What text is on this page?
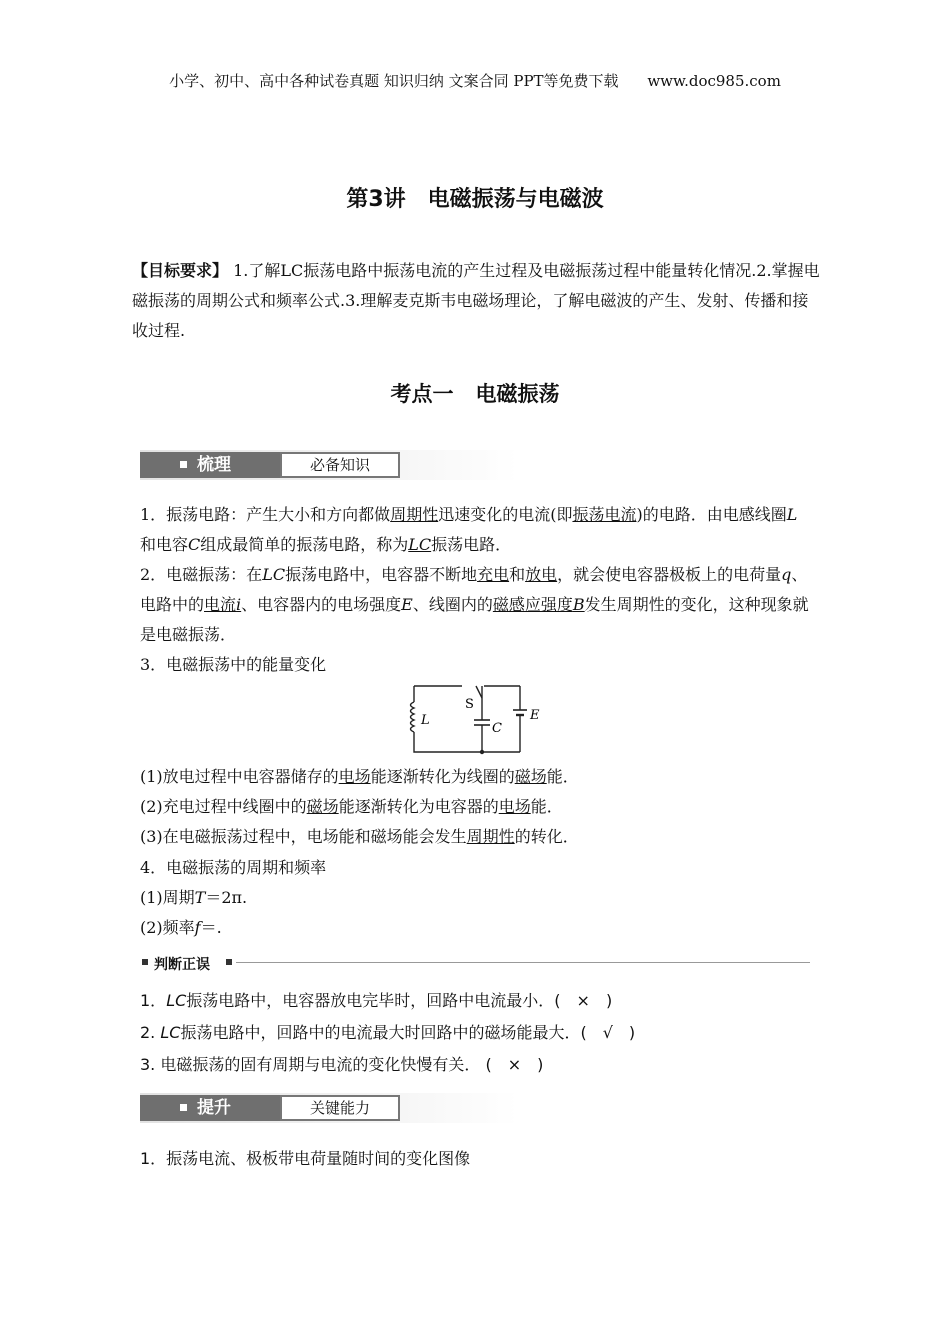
小学、初中、高中各种试卷真题 知识归纳 文案合同 PPT等免费下载 www.doc985.com
第3讲 电磁振荡与电磁波
【目标要求】 1.了解LC振荡电路中振荡电流的产生过程及电磁振荡过程中能量转化情况.2.掌握电磁振荡的周期公式和频率公式.3.理解麦克斯韦电磁场理论，了解电磁波的产生、发射、传播和接收过程.
考点一 电磁振荡
梳理	必备知识
1．振荡电路：产生大小和方向都做周期性迅速变化的电流(即振荡电流)的电路．由电感线圈L和电容C组成最简单的振荡电路，称为LC振荡电路．
2．电磁振荡：在LC振荡电路中，电容器不断地充电和放电，就会使电容器极板上的电荷量q、电路中的电流i、电容器内的电场强度E、线圈内的磁感应强度B发生周期性的变化，这种现象就是电磁振荡．
3．电磁振荡中的能量变化
L
S
C
E
(1)放电过程中电容器储存的电场能逐渐转化为线圈的磁场能．
(2)充电过程中线圈中的磁场能逐渐转化为电容器的电场能．
(3)在电磁振荡过程中，电场能和磁场能会发生周期性的转化．
4．电磁振荡的周期和频率
(1)周期T＝2π.
(2)频率f＝.
判断正误
1．LC振荡电路中，电容器放电完毕时，回路中电流最小．(　×　)
2. LC振荡电路中，回路中的电流最大时回路中的磁场能最大．(　√　)
3. 电磁振荡的固有周期与电流的变化快慢有关． (　×　)
提升	关键能力
1．振荡电流、极板带电荷量随时间的变化图像
